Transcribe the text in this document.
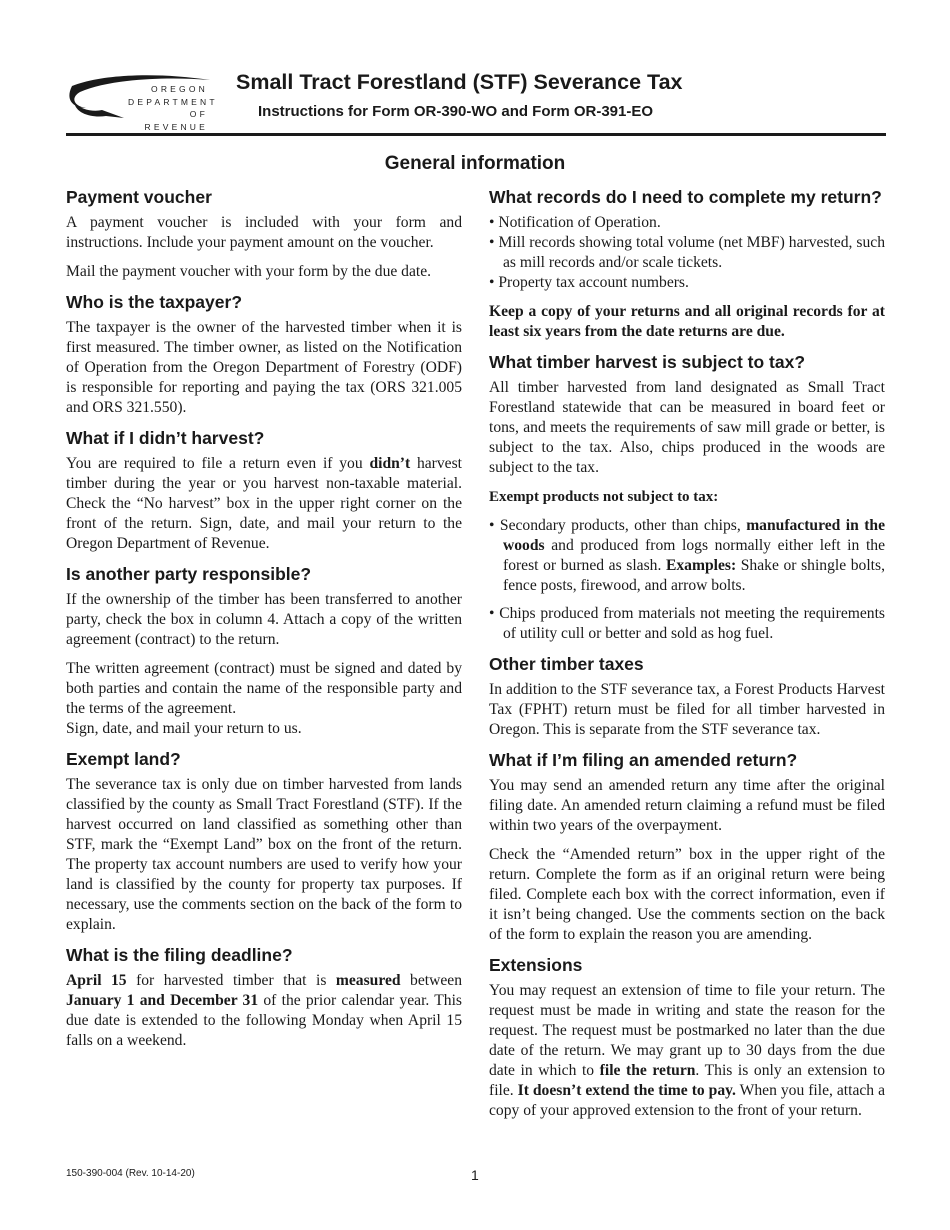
OREGON
DEPARTMENT
OF REVENUE
Small Tract Forestland (STF) Severance Tax
Instructions for Form OR-390-WO and Form OR-391-EO
General information
Payment voucher

A payment voucher is included with your form and instructions. Include your payment amount on the voucher.

Mail the payment voucher with your form by the due date.

Who is the taxpayer?

The taxpayer is the owner of the harvested timber when it is first measured. The timber owner, as listed on the Notification of Operation from the Oregon Department of Forestry (ODF) is responsible for reporting and paying the tax (ORS 321.005 and ORS 321.550).

What if I didn’t harvest?

You are required to file a return even if you didn’t harvest timber during the year or you harvest non-taxable material. Check the “No harvest” box in the upper right corner on the front of the return. Sign, date, and mail your return to the Oregon Department of Revenue.

Is another party responsible?

If the ownership of the timber has been transferred to another party, check the box in column 4. Attach a copy of the written agreement (contract) to the return.

The written agreement (contract) must be signed and dated by both parties and contain the name of the responsible party and the terms of the agreement.
Sign, date, and mail your return to us.

Exempt land?

The severance tax is only due on timber harvested from lands classified by the county as Small Tract Forestland (STF). If the harvest occurred on land classified as something other than STF, mark the “Exempt Land” box on the front of the return. The property tax account numbers are used to verify how your land is classified by the county for property tax purposes. If necessary, use the comments section on the back of the form to explain.

What is the filing deadline?

April 15 for harvested timber that is measured between January 1 and December 31 of the prior calendar year. This due date is extended to the following Monday when April 15 falls on a weekend.

What records do I need to complete my return?
• Notification of Operation.
• Mill records showing total volume (net MBF) harvested, such as mill records and/or scale tickets.
• Property tax account numbers.

Keep a copy of your returns and all original records for at least six years from the date returns are due.

What timber harvest is subject to tax?

All timber harvested from land designated as Small Tract Forestland statewide that can be measured in board feet or tons, and meets the requirements of saw mill grade or better, is subject to the tax. Also, chips produced in the woods are subject to the tax.

Exempt products not subject to tax:

• Secondary products, other than chips, manufactured in the woods and produced from logs normally either left in the forest or burned as slash. Examples: Shake or shingle bolts, fence posts, firewood, and arrow bolts.
• Chips produced from materials not meeting the requirements of utility cull or better and sold as hog fuel.
Other timber taxes

In addition to the STF severance tax, a Forest Products Harvest Tax (FPHT) return must be filed for all timber harvested in Oregon. This is separate from the STF severance tax.

What if I’m filing an amended return?

You may send an amended return any time after the original filing date. An amended return claiming a refund must be filed within two years of the overpayment.

Check the “Amended return” box in the upper right of the return. Complete the form as if an original return were being filed. Complete each box with the correct information, even if it isn’t being changed. Use the comments section on the back of the form to explain the reason you are amending.

Extensions

You may request an extension of time to file your return. The request must be made in writing and state the reason for the request. The request must be postmarked no later than the due date of the return. We may grant up to 30 days from the due date in which to file the return. This is only an extension to file. It doesn’t extend the time to pay. When you file, attach a copy of your approved extension to the front of your return.

150-390-004 (Rev. 10-14-20)	1
